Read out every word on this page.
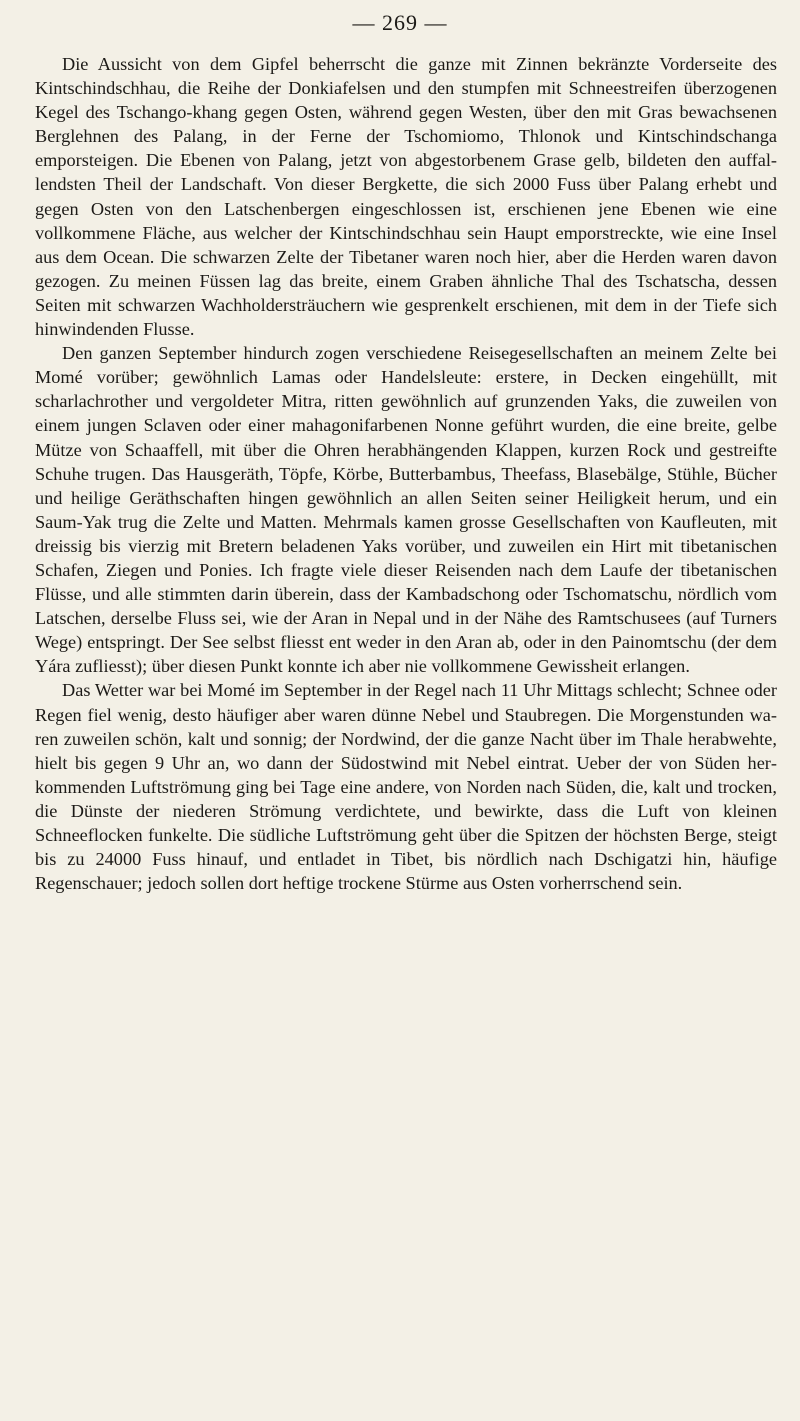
— 269 —

Die Aussicht von dem Gipfel beherrscht die ganze mit Zinnen bekränzte Vorderseite des Kintschindschhau, die Reihe der Donkiafelsen und den stumpfen mit Schneestreifen überzogenen Kegel des Tschango-khang gegen Osten, während gegen Westen, über den mit Gras bewachsenen Berglehnen des Palang, in der Ferne der Tschomiomo, Thlonok und Kintschindschanga emporsteigen. Die Ebenen von Palang, jetzt von abgestorbenem Grase gelb, bildeten den auffallendsten Theil der Landschaft. Von dieser Bergkette, die sich 2000 Fuss über Palang erhebt und gegen Osten von den Latschenbergen eingeschlossen ist, erschienen jene Ebenen wie eine vollkommene Fläche, aus welcher der Kintschindschhau sein Haupt emporstreckte, wie eine Insel aus dem Ocean. Die schwarzen Zelte der Tibetaner waren noch hier, aber die Herden waren davon gezogen. Zu meinen Füssen lag das breite, einem Graben ähnliche Thal des Tschatscha, dessen Seiten mit schwarzen Wachholdersträuchern wie gesprenkelt erschienen, mit dem in der Tiefe sich hinwindenden Flusse.

Den ganzen September hindurch zogen verschiedene Reisegesellschaften an meinem Zelte bei Momé vorüber; gewöhnlich Lamas oder Handelsleute: erstere, in Decken eingehüllt, mit scharlachrother und vergoldeter Mitra, ritten gewöhnlich auf grunzenden Yaks, die zuweilen von einem jungen Sclaven oder einer mahagonifarbenen Nonne geführt wurden, die eine breite, gelbe Mütze von Schaaffell, mit über die Ohren herabhängenden Klappen, kurzen Rock und gestreifte Schuhe trugen. Das Hausgeräth, Töpfe, Körbe, Butterbambus, Theefass, Blasebälge, Stühle, Bücher und heilige Geräthschaften hingen gewöhnlich an allen Seiten seiner Heiligkeit herum, und ein Saum-Yak trug die Zelte und Matten. Mehrmals kamen grosse Gesellschaften von Kaufleuten, mit dreissig bis vierzig mit Bretern beladenen Yaks vorüber, und zuweilen ein Hirt mit tibetanischen Schafen, Ziegen und Ponies. Ich fragte viele dieser Reisenden nach dem Laufe der tibetanischen Flüsse, und alle stimmten darin überein, dass der Kambadschong oder Tschomatschu, nördlich vom Latschen, derselbe Fluss sei, wie der Aran in Nepal und in der Nähe des Ramtschusees (auf Turners Wege) entspringt. Der See selbst fliesst ent weder in den Aran ab, oder in den Painomtschu (der dem Yára zufliesst); über diesen Punkt konnte ich aber nie vollkommene Gewissheit erlangen.

Das Wetter war bei Momé im September in der Regel nach 11 Uhr Mittags schlecht; Schnee oder Regen fiel wenig, desto häufiger aber waren dünne Nebel und Staubregen. Die Morgenstunden waren zuweilen schön, kalt und sonnig; der Nordwind, der die ganze Nacht über im Thale herabwehte, hielt bis gegen 9 Uhr an, wo dann der Südostwind mit Nebel eintrat. Ueber der von Süden herkommenden Luftströmung ging bei Tage eine andere, von Norden nach Süden, die, kalt und trocken, die Dünste der niederen Strömung verdichtete, und bewirkte, dass die Luft von kleinen Schneeflocken funkelte. Die südliche Luftströmung geht über die Spitzen der höchsten Berge, steigt bis zu 24000 Fuss hinauf, und entladet in Tibet, bis nördlich nach Dschigatzi hin, häufige Regenschauer; jedoch sollen dort heftige trockene Stürme aus Osten vorherrschend sein.
